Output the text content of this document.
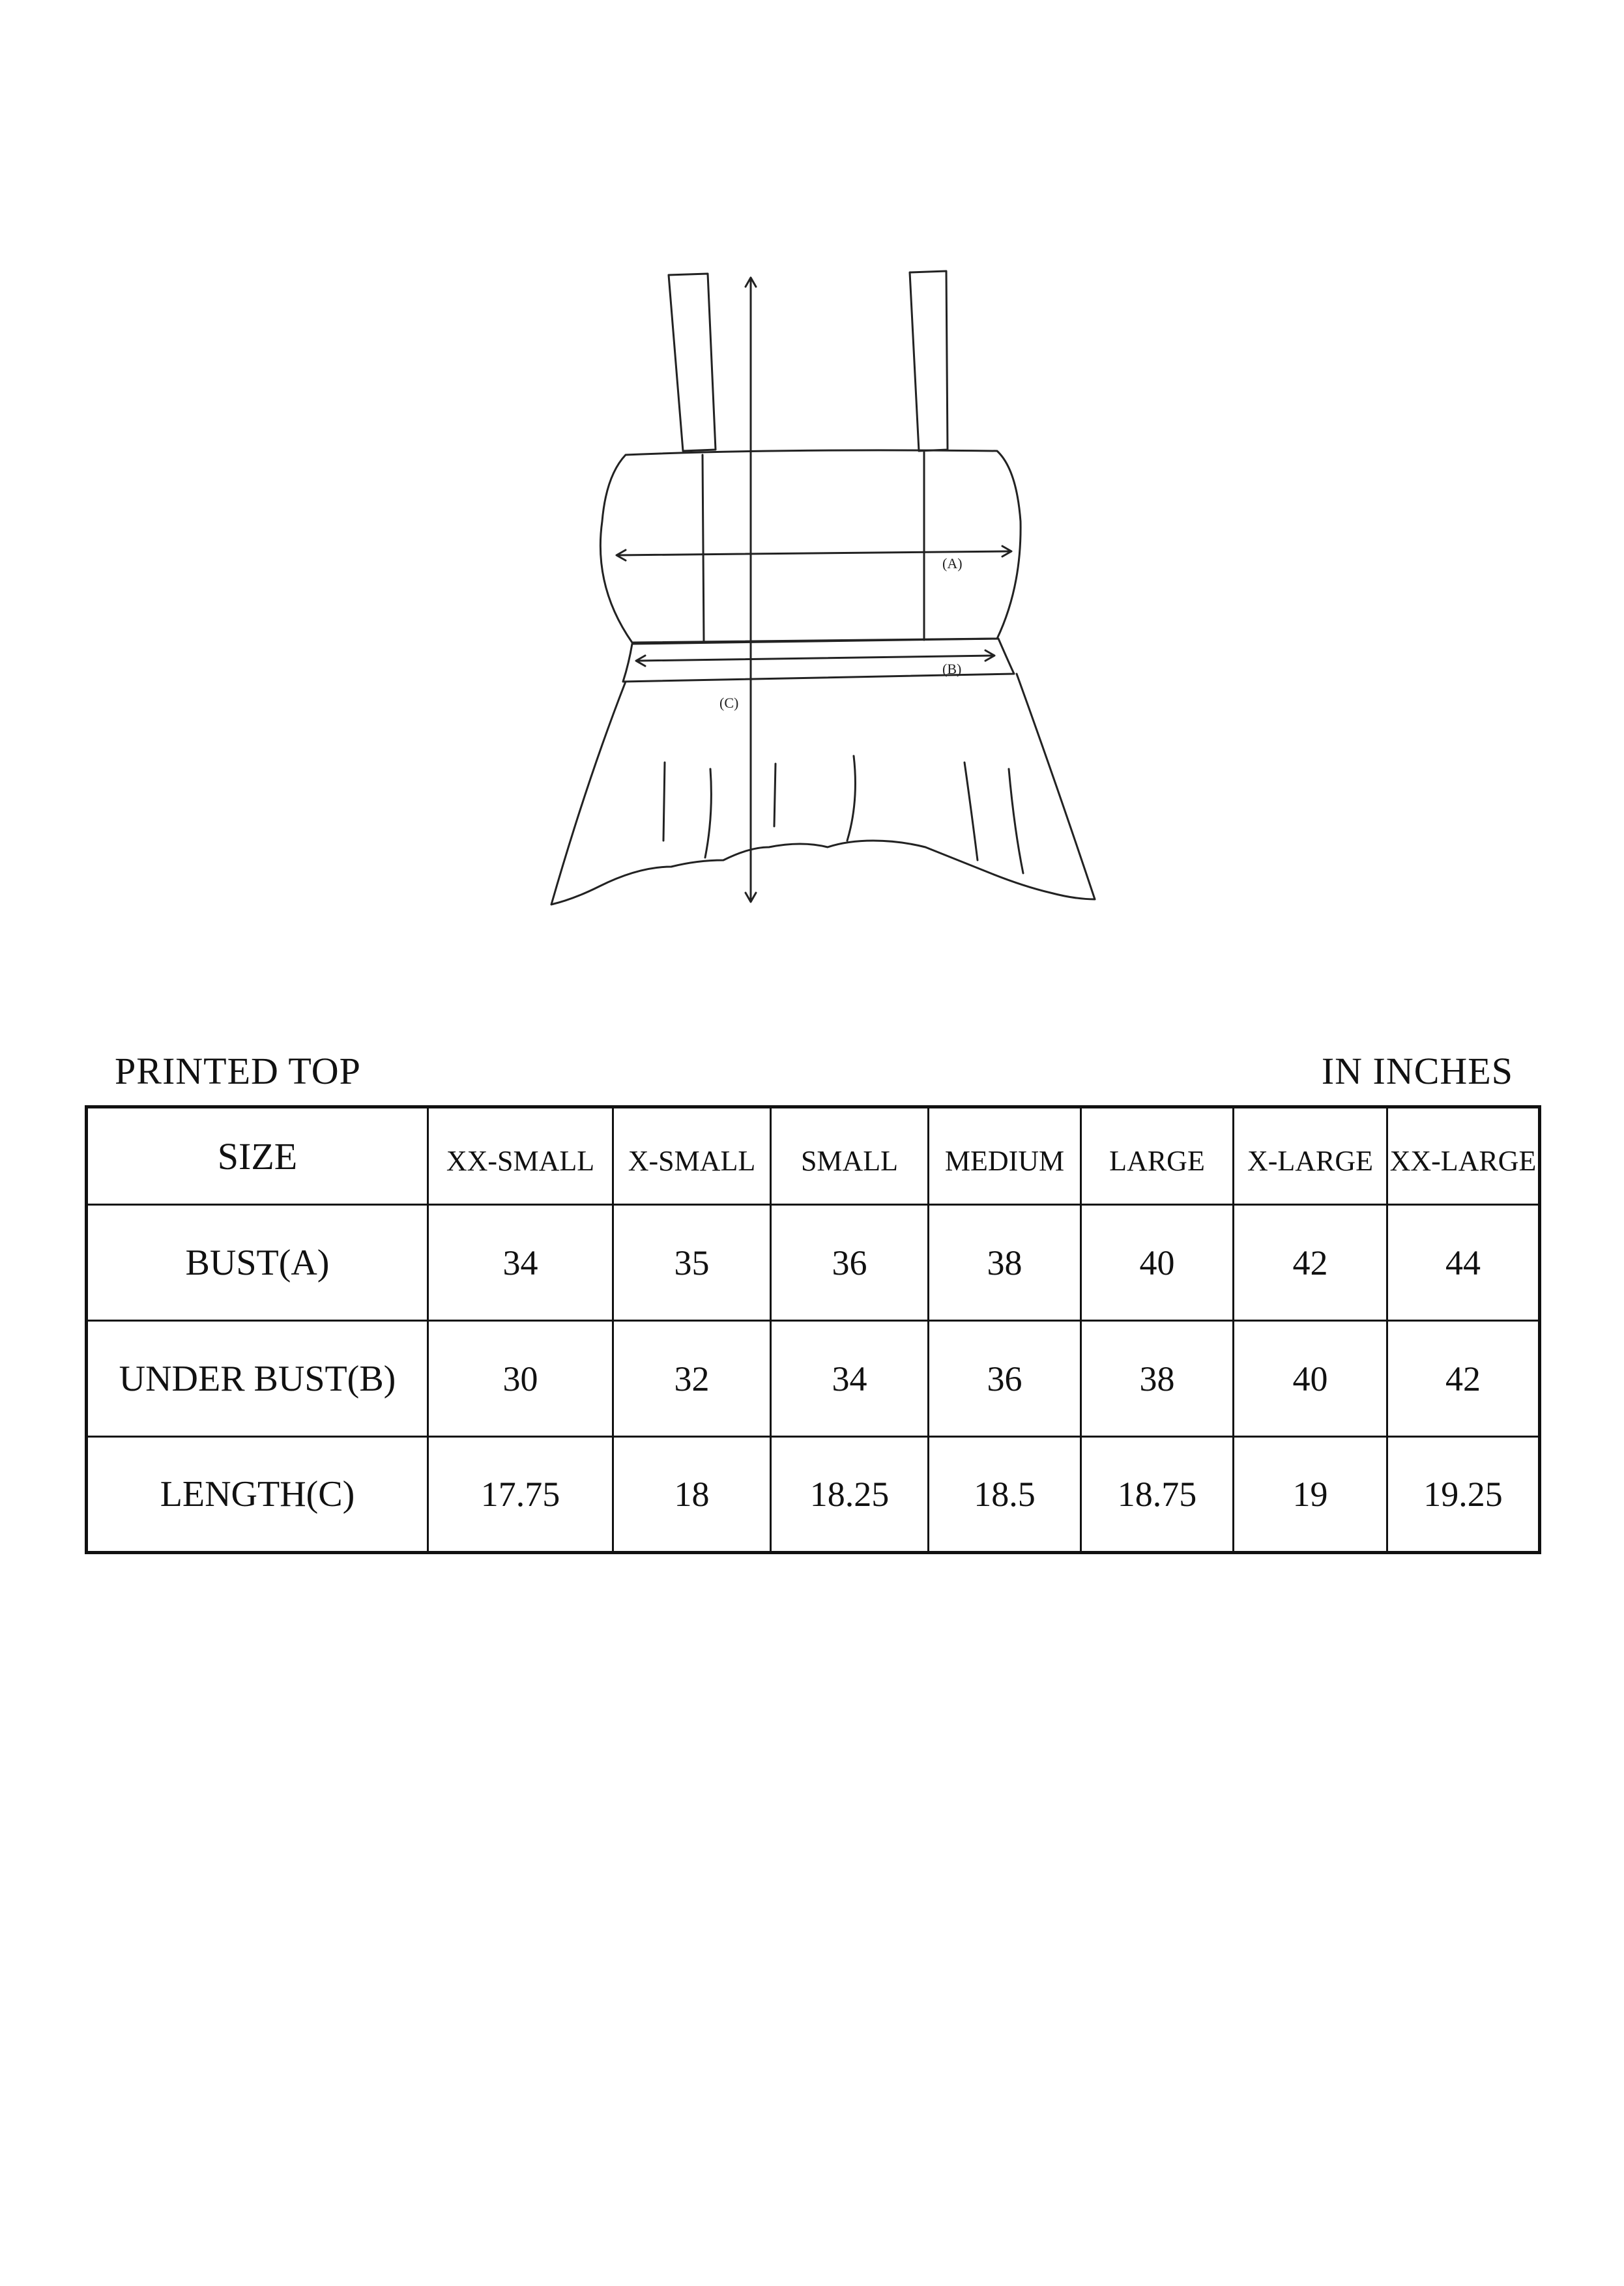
(A)
(B)
(C)
PRINTED TOP	IN INCHES
SIZE	XX-SMALL	X-SMALL	SMALL	MEDIUM	LARGE	X-LARGE	XX-LARGE
BUST(A)	34	35	36	38	40	42	44
UNDER BUST(B)	30	32	34	36	38	40	42
LENGTH(C)	17.75	18	18.25	18.5	18.75	19	19.25
